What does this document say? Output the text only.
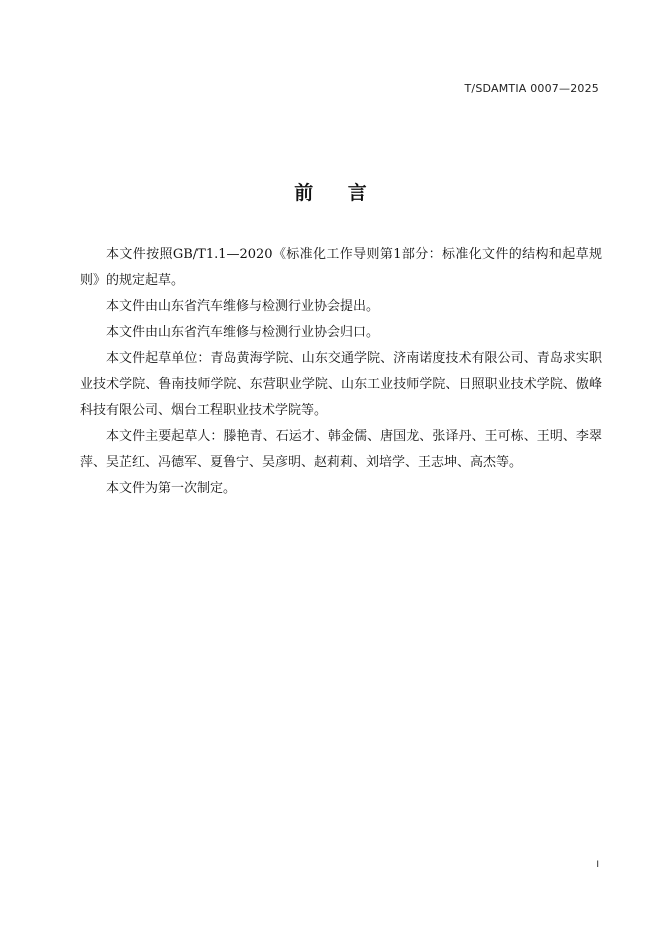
T/SDAMTIA 0007—2025
前 言

本文件按照GB/T1.1—2020《标准化工作导则第1部分：标准化文件的结构和起草规则》的规定起草。

本文件由山东省汽车维修与检测行业协会提出。

本文件由山东省汽车维修与检测行业协会归口。

本文件起草单位：青岛黄海学院、山东交通学院、济南诺度技术有限公司、青岛求实职业技术学院、鲁南技师学院、东营职业学院、山东工业技师学院、日照职业技术学院、傲峰科技有限公司、烟台工程职业技术学院等。

本文件主要起草人：滕艳青、石运才、韩金儒、唐国龙、张译丹、王可栋、王明、李翠萍、吴芷红、冯德军、夏鲁宁、吴彦明、赵莉莉、刘培学、王志坤、高杰等。

本文件为第一次制定。

I
